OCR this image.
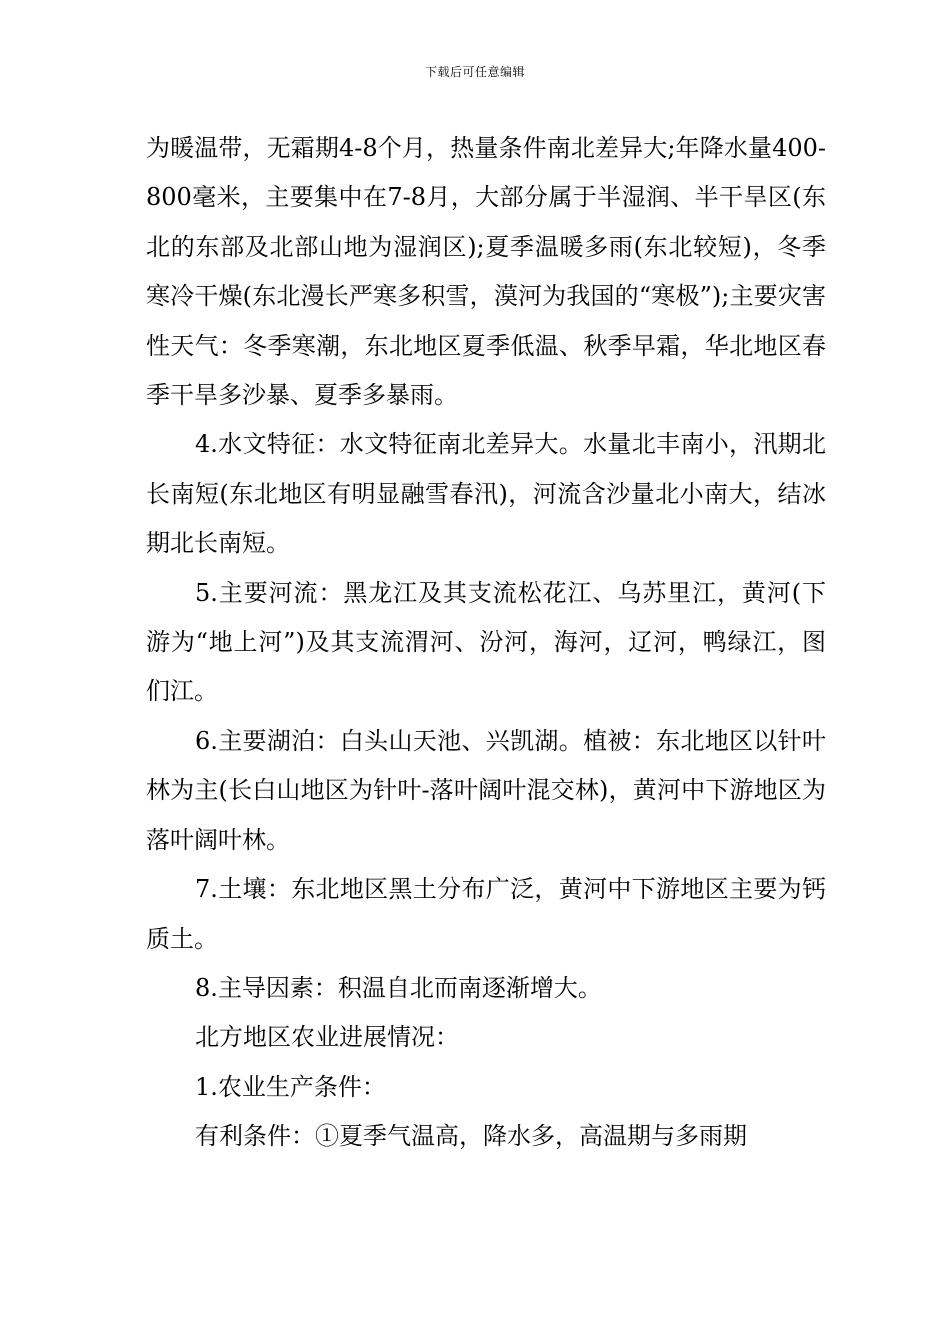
下载后可任意编辑

为暖温带，无霜期4-8个月，热量条件南北差异大;年降水量400-800毫米，主要集中在7-8月，大部分属于半湿润、半干旱区(东北的东部及北部山地为湿润区);夏季温暖多雨(东北较短)，冬季寒冷干燥(东北漫长严寒多积雪，漠河为我国的“寒极”);主要灾害性天气：冬季寒潮，东北地区夏季低温、秋季早霜，华北地区春季干旱多沙暴、夏季多暴雨。

4.水文特征：水文特征南北差异大。水量北丰南小，汛期北长南短(东北地区有明显融雪春汛)，河流含沙量北小南大，结冰期北长南短。

5.主要河流：黑龙江及其支流松花江、乌苏里江，黄河(下游为“地上河”)及其支流渭河、汾河，海河，辽河，鸭绿江，图们江。

6.主要湖泊：白头山天池、兴凯湖。植被：东北地区以针叶林为主(长白山地区为针叶-落叶阔叶混交林)，黄河中下游地区为落叶阔叶林。

7.土壤：东北地区黑土分布广泛，黄河中下游地区主要为钙质土。

8.主导因素：积温自北而南逐渐增大。

北方地区农业进展情况：

1.农业生产条件：

有利条件：①夏季气温高，降水多，高温期与多雨期
